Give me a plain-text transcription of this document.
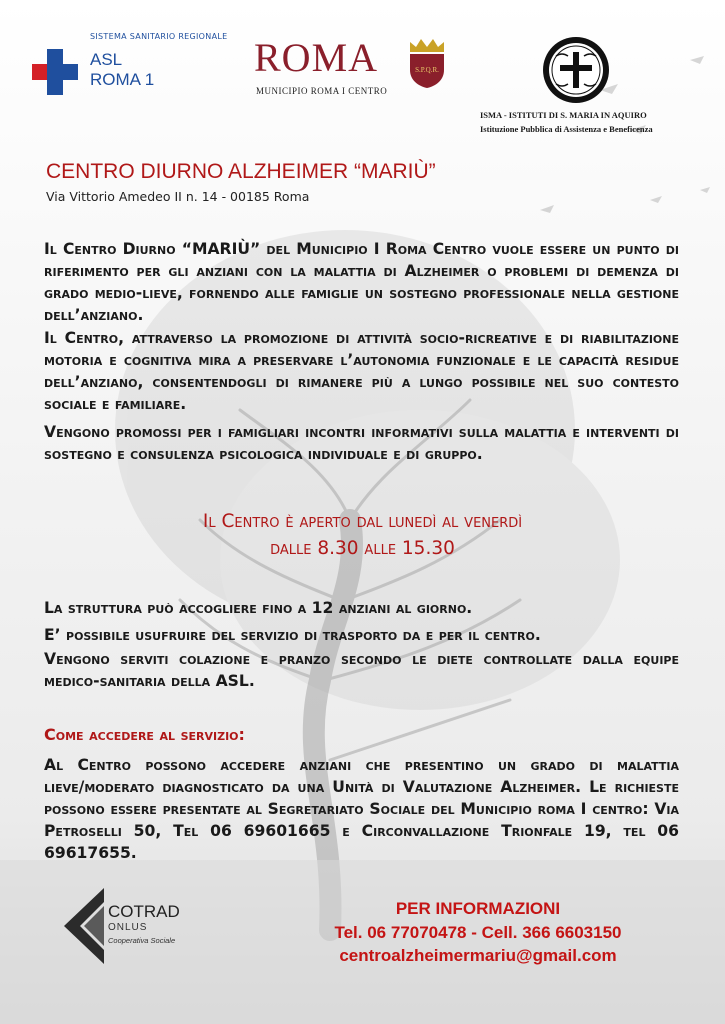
SISTEMA SANITARIO REGIONALE
ASL
ROMA 1 ROMA
MUNICIPIO ROMA I CENTRO
S.P.Q.R.
ISMA - ISTITUTI DI S. MARIA IN AQUIRO
Istituzione Pubblica di Assistenza e Beneficenza
CENTRO DIURNO ALZHEIMER “MARIÙ”
Via Vittorio Amedeo II n. 14 - 00185 Roma
Il Centro Diurno “MARIÙ” del Municipio I Roma Centro vuole essere un punto di riferimento per gli anziani con la malattia di Alzheimer o problemi di demenza di grado medio-lieve, fornendo alle famiglie un sostegno professionale nella gestione dell’anziano.
Il Centro, attraverso la promozione di attività socio-ricreative e di riabilitazione motoria e cognitiva mira a preservare l’autonomia funzionale e le capacità residue dell’anziano, consentendogli di rimanere più a lungo possibile nel suo contesto sociale e familiare.
Vengono promossi per i famigliari incontri informativi sulla malattia e interventi di sostegno e consulenza psicologica individuale e di gruppo.
Il Centro è aperto dal lunedì al venerdì
dalle 8.30 alle 15.30
La struttura può accogliere fino a 12 anziani al giorno.
E’ possibile usufruire del servizio di trasporto da e per il centro.
Vengono serviti colazione e pranzo secondo le diete controllate dalla equipe medico-sanitaria della ASL.
Come accedere al servizio:
Al Centro possono accedere anziani che presentino un grado di malattia lieve/moderato diagnosticato da una Unità di Valutazione Alzheimer. Le richieste possono essere presentate al Segretariato Sociale del Municipio roma I centro: Via Petroselli 50, Tel 06 69601665 e Circonvallazione Trionfale 19, tel 06 69617655.
COTRAD
ONLUS
Cooperativa Sociale
PER INFORMAZIONI
Tel. 06 77070478 - Cell. 366 6603150
centroalzheimermariu@gmail.com
